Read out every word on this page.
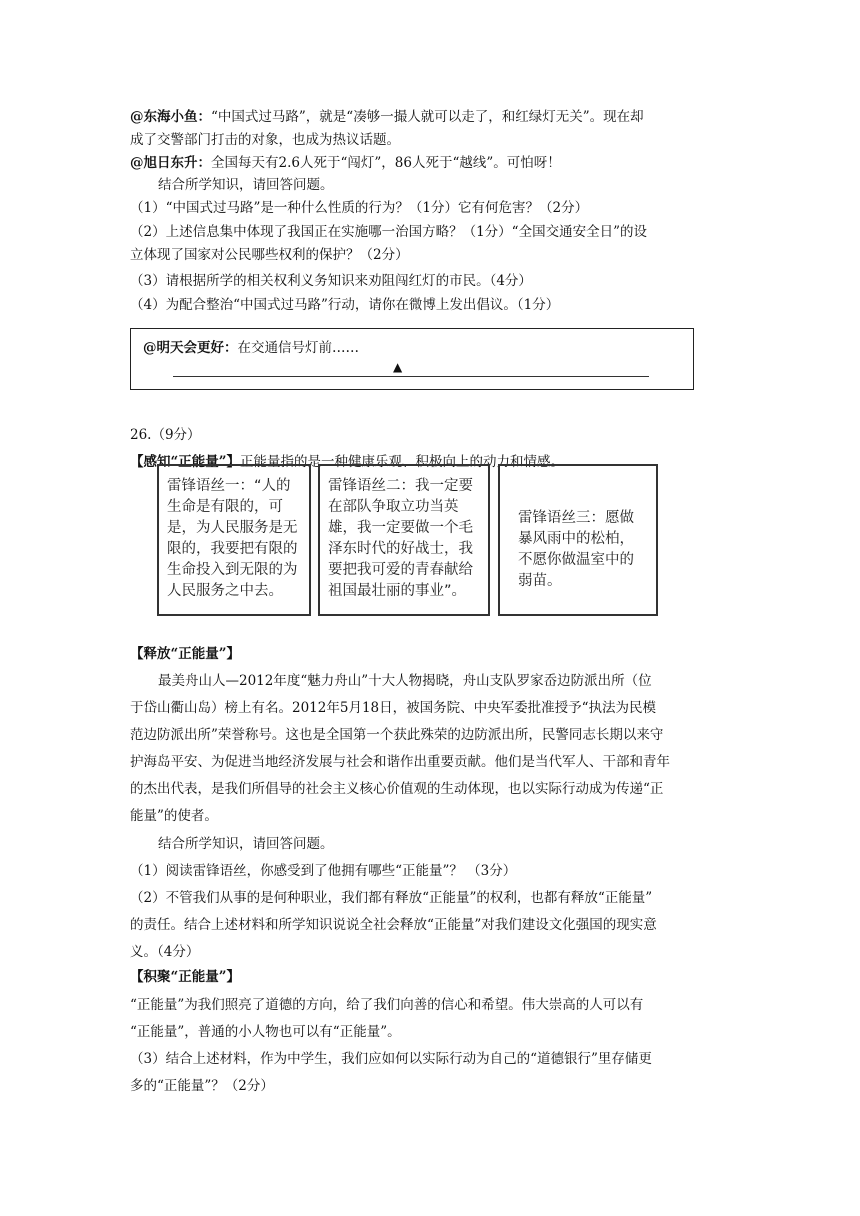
@东海小鱼：“中国式过马路”，就是“凑够一撮人就可以走了，和红绿灯无关”。现在却
成了交警部门打击的对象，也成为热议话题。
@旭日东升：全国每天有2.6人死于“闯灯”，86人死于“越线”。可怕呀！
结合所学知识，请回答问题。
（1）“中国式过马路”是一种什么性质的行为？（1分）它有何危害？（2分）
（2）上述信息集中体现了我国正在实施哪一治国方略？（1分）“全国交通安全日”的设
立体现了国家对公民哪些权利的保护？（2分）
（3）请根据所学的相关权利义务知识来劝阻闯红灯的市民。（4分）
（4）为配合整治“中国式过马路”行动，请你在微博上发出倡议。（1分）
@明天会更好：在交通信号灯前……
▲
26.（9分）
【感知“正能量”】正能量指的是一种健康乐观、积极向上的动力和情感。
雷锋语丝一：“人的生命是有限的，可是，为人民服务是无限的，我要把有限的生命投入到无限的为人民服务之中去。
雷锋语丝二：我一定要在部队争取立功当英雄，我一定要做一个毛泽东时代的好战士，我要把我可爱的青春献给祖国最壮丽的事业”。
雷锋语丝三：愿做暴风雨中的松柏，不愿你做温室中的弱苗。
【释放“正能量”】
最美舟山人—2012年度“魅力舟山”十大人物揭晓，舟山支队罗家岙边防派出所（位
于岱山衢山岛）榜上有名。2012年5月18日，被国务院、中央军委批准授予“执法为民模
范边防派出所”荣誉称号。这也是全国第一个获此殊荣的边防派出所，民警同志长期以来守
护海岛平安、为促进当地经济发展与社会和谐作出重要贡献。他们是当代军人、干部和青年
的杰出代表，是我们所倡导的社会主义核心价值观的生动体现，也以实际行动成为传递“正
能量”的使者。
结合所学知识，请回答问题。
（1）阅读雷锋语丝，你感受到了他拥有哪些“正能量”？ （3分）
（2）不管我们从事的是何种职业，我们都有释放“正能量”的权利，也都有释放“正能量”
的责任。结合上述材料和所学知识说说全社会释放“正能量”对我们建设文化强国的现实意
义。（4分）
【积聚“正能量”】
“正能量”为我们照亮了道德的方向，给了我们向善的信心和希望。伟大崇高的人可以有
“正能量”，普通的小人物也可以有“正能量”。
（3）结合上述材料，作为中学生，我们应如何以实际行动为自己的“道德银行”里存储更
多的“正能量”？（2分）
